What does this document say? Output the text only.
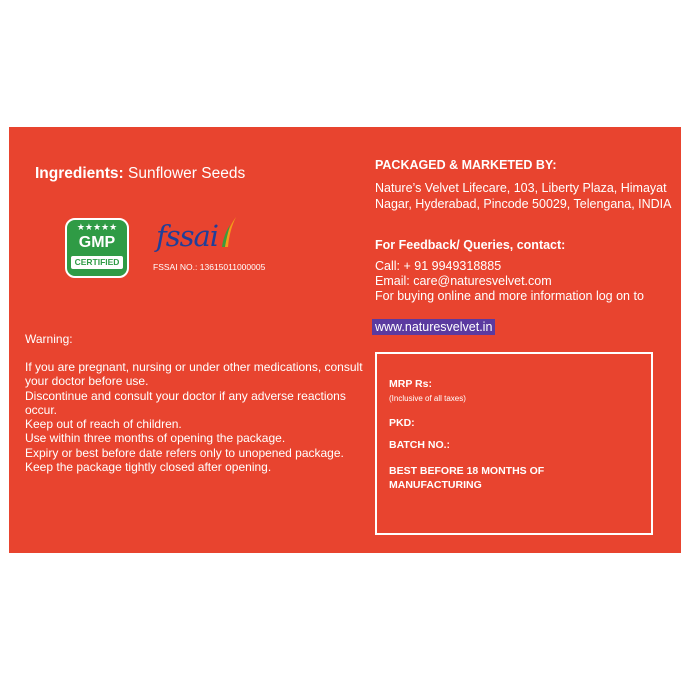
Ingredients: Sunflower Seeds
★★★★★
GMP
CERTIFIED
fssai
FSSAI NO.: 13615011000005
Warning:
If you are pregnant, nursing or under other medications, consult your doctor before use.
Discontinue and consult your doctor if any adverse reactions occur.
Keep out of reach of children.
Use within three months of opening the package.
Expiry or best before date refers only to unopened package.
Keep the package tightly closed after opening.
PACKAGED & MARKETED BY:
Nature’s Velvet Lifecare, 103, Liberty Plaza, Himayat Nagar, Hyderabad, Pincode 50029, Telengana, INDIA
For Feedback/ Queries, contact:
Call: + 91 9949318885
Email: care@naturesvelvet.com
For buying online and more information log on to
www.naturesvelvet.in
MRP Rs:
(Inclusive of all taxes)
PKD:
BATCH NO.:
BEST BEFORE 18 MONTHS OF MANUFACTURING
